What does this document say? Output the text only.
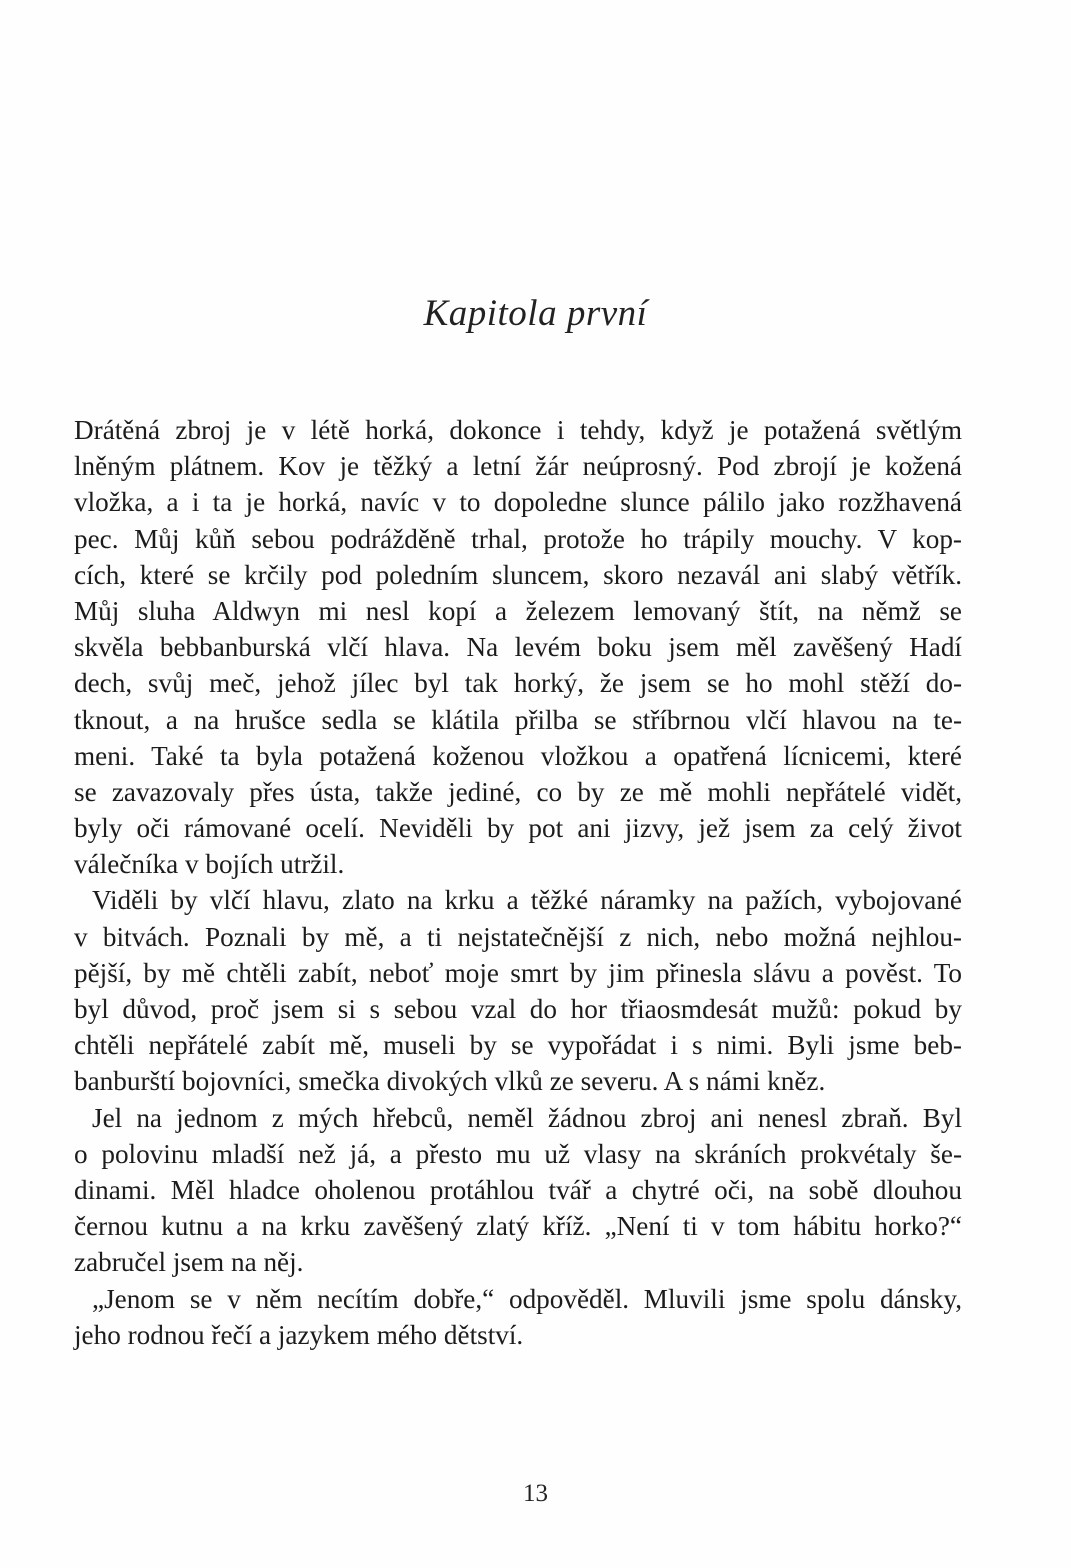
Kapitola první
Drátěná zbroj je v létě horká, dokonce i tehdy, když je potažená světlým
lněným plátnem. Kov je těžký a letní žár neúprosný. Pod zbrojí je kožená
vložka, a i ta je horká, navíc v to dopoledne slunce pálilo jako rozžhavená
pec. Můj kůň sebou podrážděně trhal, protože ho trápily mouchy. V kop-
cích, které se krčily pod poledním sluncem, skoro nezavál ani slabý větřík.
Můj sluha Aldwyn mi nesl kopí a železem lemovaný štít, na němž se
skvěla bebbanburská vlčí hlava. Na levém boku jsem měl zavěšený Hadí
dech, svůj meč, jehož jílec byl tak horký, že jsem se ho mohl stěží do-
tknout, a na hrušce sedla se klátila přilba se stříbrnou vlčí hlavou na te-
meni. Také ta byla potažená koženou vložkou a opatřená lícnicemi, které
se zavazovaly přes ústa, takže jediné, co by ze mě mohli nepřátelé vidět,
byly oči rámované ocelí. Neviděli by pot ani jizvy, jež jsem za celý život
válečníka v bojích utržil.
Viděli by vlčí hlavu, zlato na krku a těžké náramky na pažích, vybojované
v bitvách. Poznali by mě, a ti nejstatečnější z nich, nebo možná nejhlou-
pější, by mě chtěli zabít, neboť moje smrt by jim přinesla slávu a pověst. To
byl důvod, proč jsem si s sebou vzal do hor třiaosmdesát mužů: pokud by
chtěli nepřátelé zabít mě, museli by se vypořádat i s nimi. Byli jsme beb-
banburští bojovníci, smečka divokých vlků ze severu. A s námi kněz.
Jel na jednom z mých hřebců, neměl žádnou zbroj ani nenesl zbraň. Byl
o polovinu mladší než já, a přesto mu už vlasy na skráních prokvétaly še-
dinami. Měl hladce oholenou protáhlou tvář a chytré oči, na sobě dlouhou
černou kutnu a na krku zavěšený zlatý kříž. „Není ti v tom hábitu horko?“
zabručel jsem na něj.
„Jenom se v něm necítím dobře,“ odpověděl. Mluvili jsme spolu dánsky,
jeho rodnou řečí a jazykem mého dětství.
13
